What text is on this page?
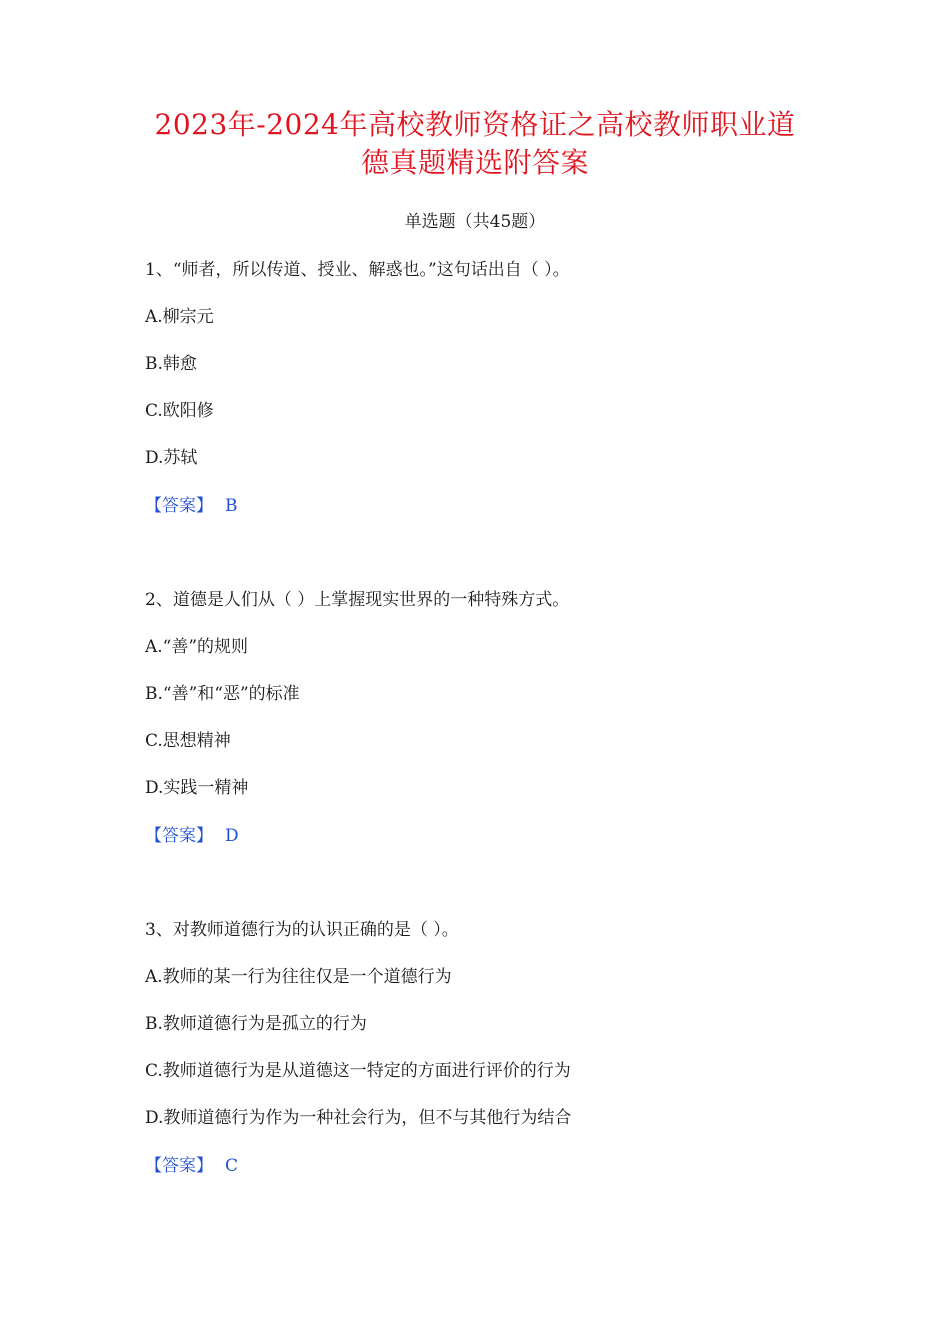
2023年-2024年高校教师资格证之高校教师职业道
德真题精选附答案
单选题（共45题）
1、“师者，所以传道、授业、解惑也。”这句话出自（ ）。
A.柳宗元
B.韩愈
C.欧阳修
D.苏轼
【答案】 B
2、道德是人们从（ ）上掌握现实世界的一种特殊方式。
A.“善”的规则
B.“善”和“恶”的标准
C.思想精神
D.实践一精神
【答案】 D
3、对教师道德行为的认识正确的是（ ）。
A.教师的某一行为往往仅是一个道德行为
B.教师道德行为是孤立的行为
C.教师道德行为是从道德这一特定的方面进行评价的行为
D.教师道德行为作为一种社会行为，但不与其他行为结合
【答案】 C
